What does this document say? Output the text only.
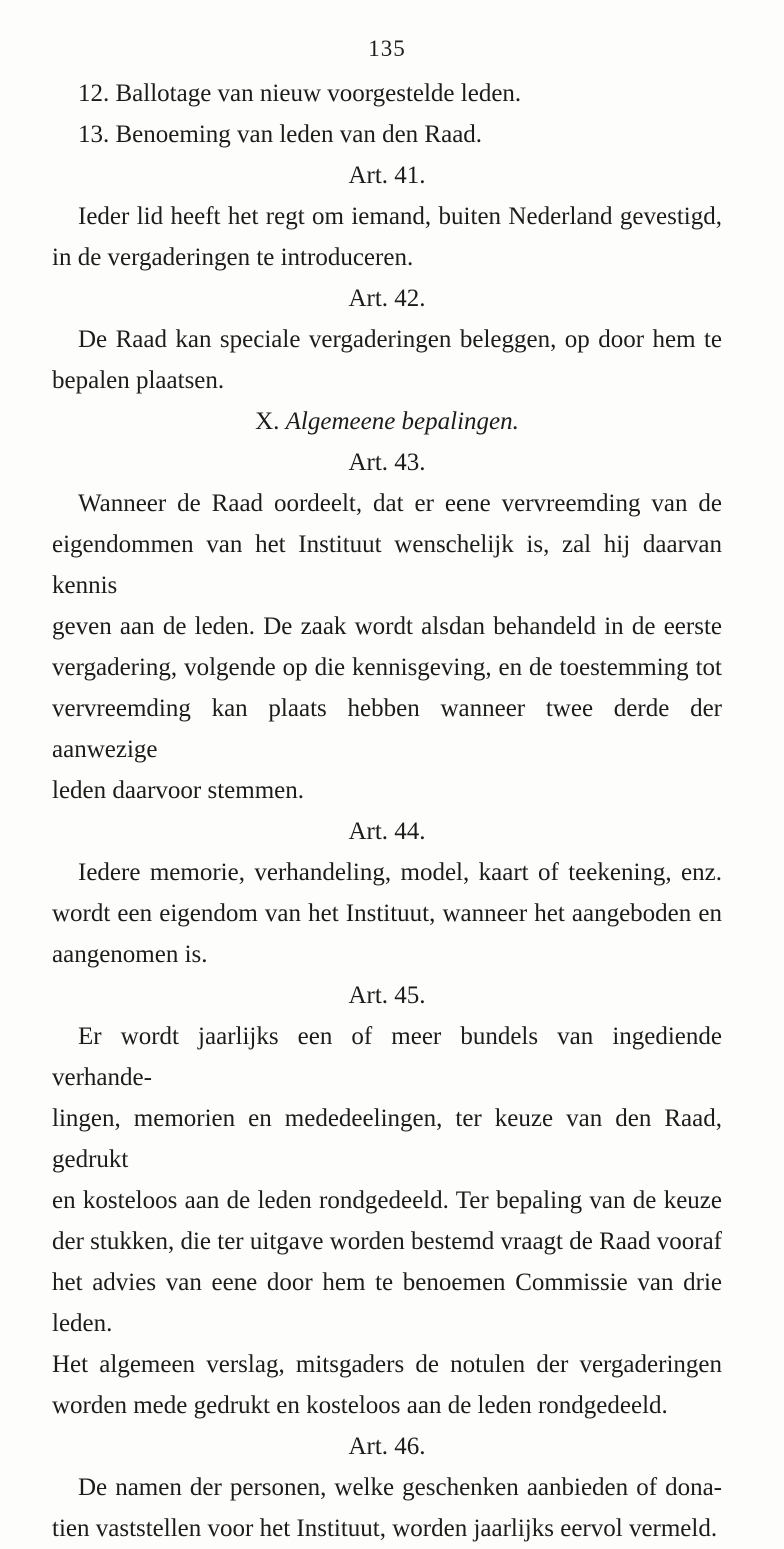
135
12. Ballotage van nieuw voorgestelde leden.
13. Benoeming van leden van den Raad.
Art. 41.

Ieder lid heeft het regt om iemand, buiten Nederland gevestigd,
in de vergaderingen te introduceren.

Art. 42.

De Raad kan speciale vergaderingen beleggen, op door hem te
bepalen plaatsen.

X. Algemeene bepalingen.
Art. 43.

Wanneer de Raad oordeelt, dat er eene vervreemding van de
eigendommen van het Instituut wenschelijk is, zal hij daarvan kennis
geven aan de leden. De zaak wordt alsdan behandeld in de eerste
vergadering, volgende op die kennisgeving, en de toestemming tot
vervreemding kan plaats hebben wanneer twee derde der aanwezige
leden daarvoor stemmen.

Art. 44.

Iedere memorie, verhandeling, model, kaart of teekening, enz.
wordt een eigendom van het Instituut, wanneer het aangeboden en
aangenomen is.

Art. 45.

Er wordt jaarlijks een of meer bundels van ingediende verhande-
lingen, memorien en mededeelingen, ter keuze van den Raad, gedrukt
en kosteloos aan de leden rondgedeeld. Ter bepaling van de keuze
der stukken, die ter uitgave worden bestemd vraagt de Raad vooraf
het advies van eene door hem te benoemen Commissie van drie leden.
Het algemeen verslag, mitsgaders de notulen der vergaderingen
worden mede gedrukt en kosteloos aan de leden rondgedeeld.

Art. 46.

De namen der personen, welke geschenken aanbieden of dona-
tien vaststellen voor het Instituut, worden jaarlijks eervol vermeld.
